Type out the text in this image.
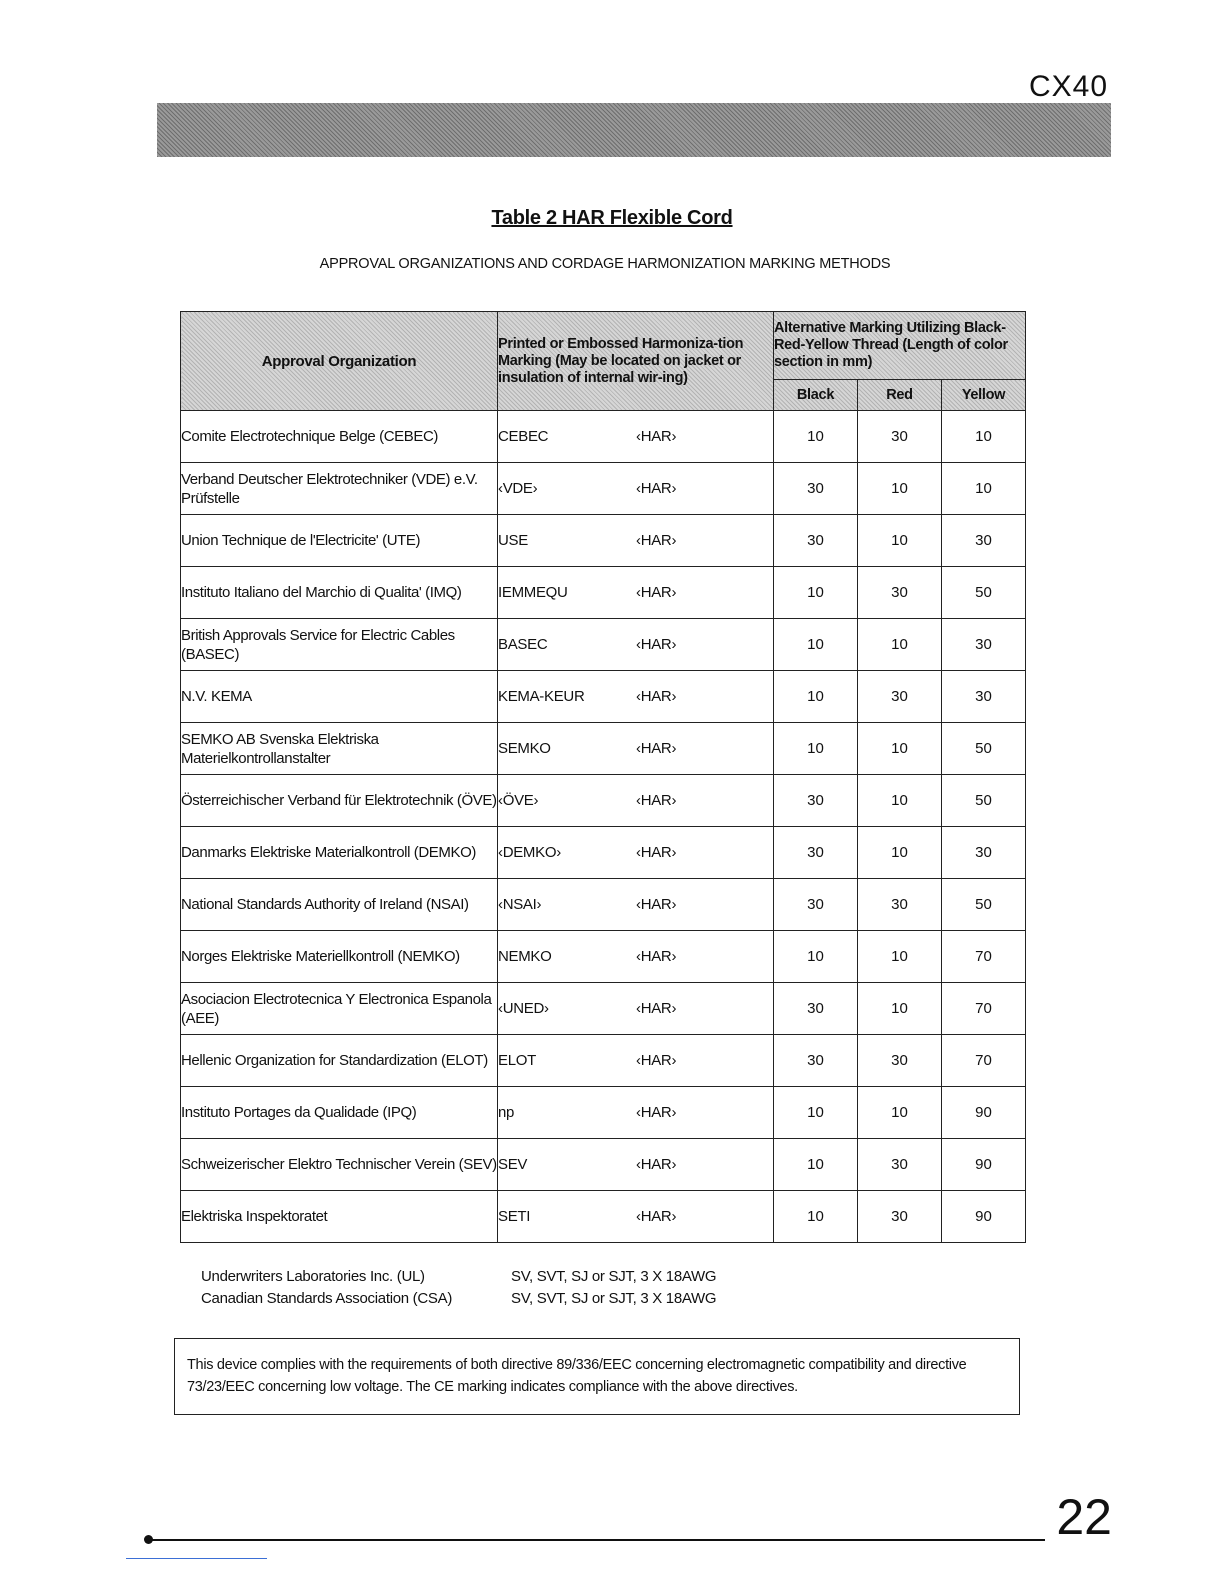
CX40
Table 2 HAR Flexible Cord
APPROVAL ORGANIZATIONS AND CORDAGE HARMONIZATION MARKING METHODS
Approval Organization	Printed or Embossed Harmoniza-tion Marking (May be located on jacket or insulation of internal wir-ing)	Alternative Marking Utilizing Black-Red-Yellow Thread (Length of color section in mm)		
		Black	Red	Yellow
Comite Electrotechnique Belge (CEBEC)	CEBEC ‹HAR›	10	30	10
Verband Deutscher Elektrotechniker (VDE) e.V. Prüfstelle	‹VDE› ‹HAR›	30	10	10
Union Technique de l'Electricite' (UTE)	USE ‹HAR›	30	10	30
Instituto Italiano del Marchio di Qualita' (IMQ)	IEMMEQU ‹HAR›	10	30	50
British Approvals Service for Electric Cables (BASEC)	BASEC ‹HAR›	10	10	30
N.V. KEMA	KEMA-KEUR ‹HAR›	10	30	30
SEMKO AB Svenska Elektriska Materielkontrollanstalter	SEMKO ‹HAR›	10	10	50
Österreichischer Verband für Elektrotechnik (ÖVE)	‹ÖVE› ‹HAR›	30	10	50
Danmarks Elektriske Materialkontroll (DEMKO)	‹DEMKO› ‹HAR›	30	10	30
National Standards Authority of Ireland (NSAI)	‹NSAI› ‹HAR›	30	30	50
Norges Elektriske Materiellkontroll (NEMKO)	NEMKO ‹HAR›	10	10	70
Asociacion Electrotecnica Y Electronica Espanola (AEE)	‹UNED› ‹HAR›	30	10	70
Hellenic Organization for Standardization (ELOT)	ELOT ‹HAR›	30	30	70
Instituto Portages da Qualidade (IPQ)	np ‹HAR›	10	10	90
Schweizerischer Elektro Technischer Verein (SEV)	SEV ‹HAR›	10	30	90
Elektriska Inspektoratet	SETI ‹HAR›	10	30	90
Underwriters Laboratories Inc. (UL)	SV, SVT, SJ or SJT, 3 X 18AWG
Canadian Standards Association (CSA)	SV, SVT, SJ or SJT, 3 X 18AWG
This device complies with the requirements of both directive 89/336/EEC concerning electromagnetic compatibility and directive 73/23/EEC concerning low voltage. The CE marking indicates compliance with the above directives.
22
